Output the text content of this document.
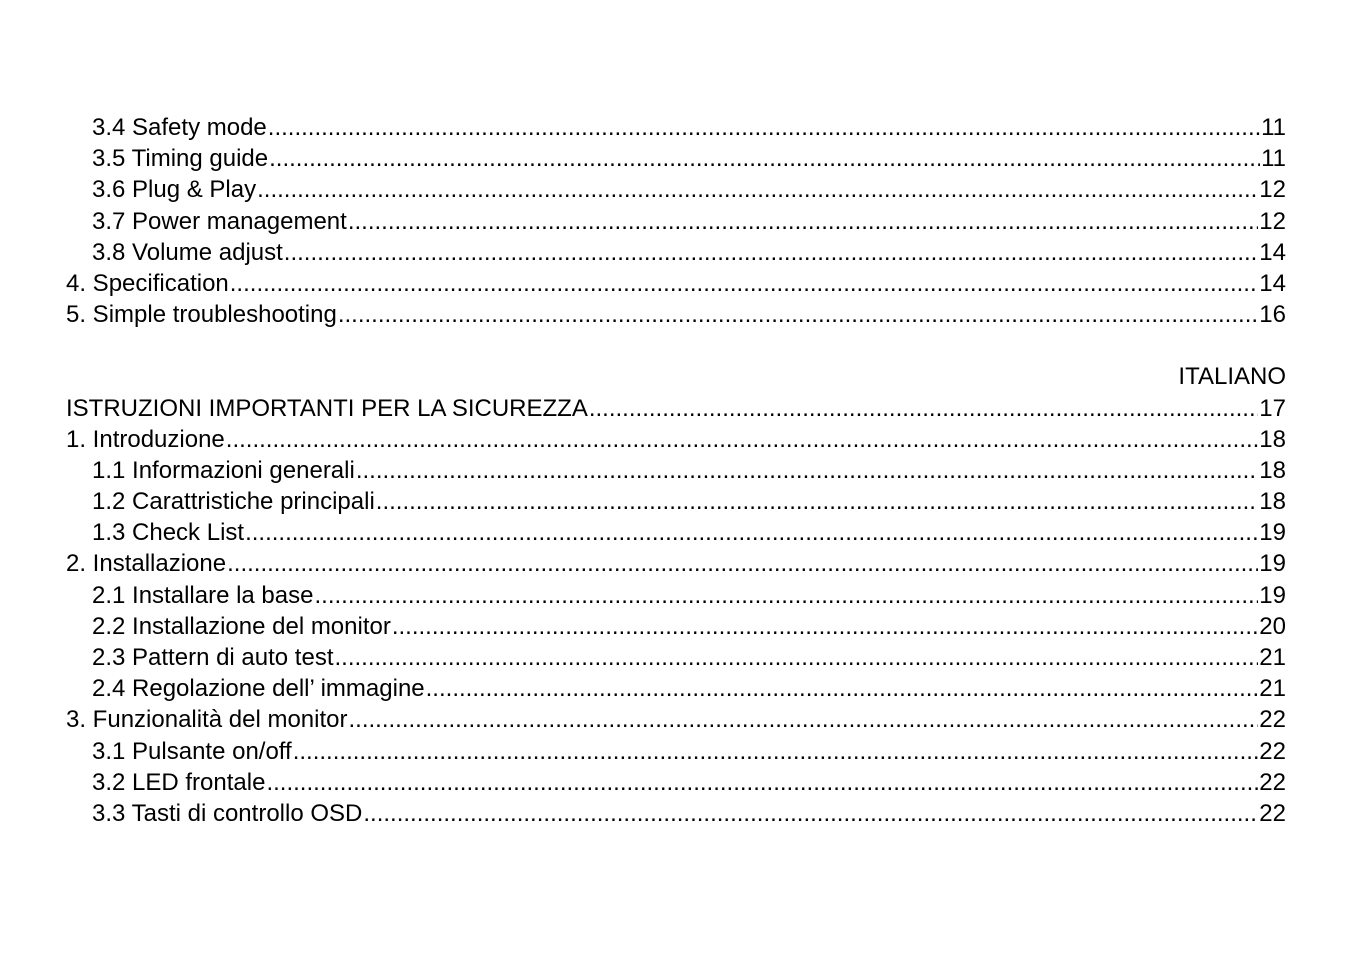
3.4 Safety mode .....	11
3.5 Timing guide .....	11
3.6 Plug & Play .....	12
3.7 Power management .....	12
3.8 Volume adjust .....	14
4. Specification .....	14
5. Simple troubleshooting .....	16
ITALIANO
ISTRUZIONI IMPORTANTI PER LA SICUREZZA .....	17
1. Introduzione .....	18
1.1 Informazioni generali .....	18
1.2 Carattristiche principali .....	18
1.3 Check List .....	19
2. Installazione .....	19
2.1 Installare la base .....	19
2.2 Installazione del monitor .....	20
2.3 Pattern di auto test .....	21
2.4 Regolazione dell’ immagine .....	21
3. Funzionalità del monitor .....	22
3.1 Pulsante on/off .....	22
3.2 LED frontale .....	22
3.3 Tasti di controllo OSD .....	22
